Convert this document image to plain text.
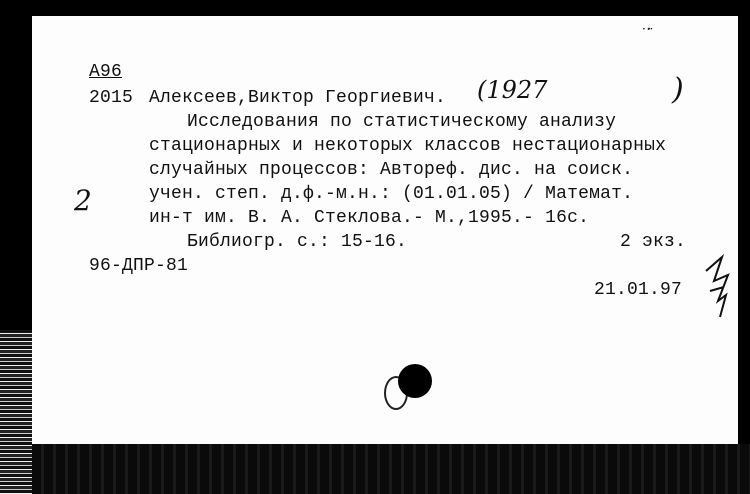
А96
2015 Алексеев,Виктор Георгиевич.
Исследования по статистическому анализу
стационарных и некоторых классов нестационарных
случайных процессов: Автореф. дис. на соиск.
учен. степ. д.ф.-м.н.: (01.01.05) / Математ.
ин-т им. В. А. Стеклова.- М.,1995.- 16с.
Библиогр. с.: 15-16.	2 экз.
96-ДПР-81
21.01.97
·ꞏ·
(1927	)
2
